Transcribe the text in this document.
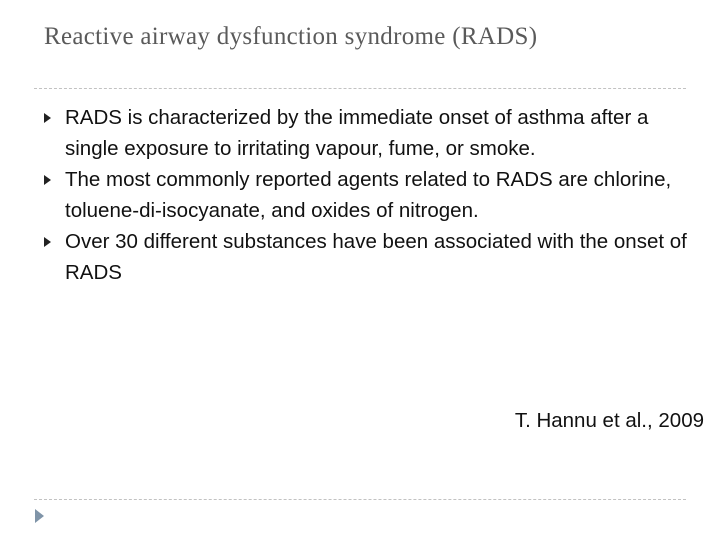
Reactive airway dysfunction syndrome (RADS)
RADS is characterized by the immediate onset of asthma after a single exposure to irritating vapour, fume, or smoke.
The most commonly reported agents related to RADS are chlorine, toluene-di-isocyanate, and oxides of nitrogen.
Over 30 different substances have been associated with the onset of RADS
T. Hannu et al., 2009
